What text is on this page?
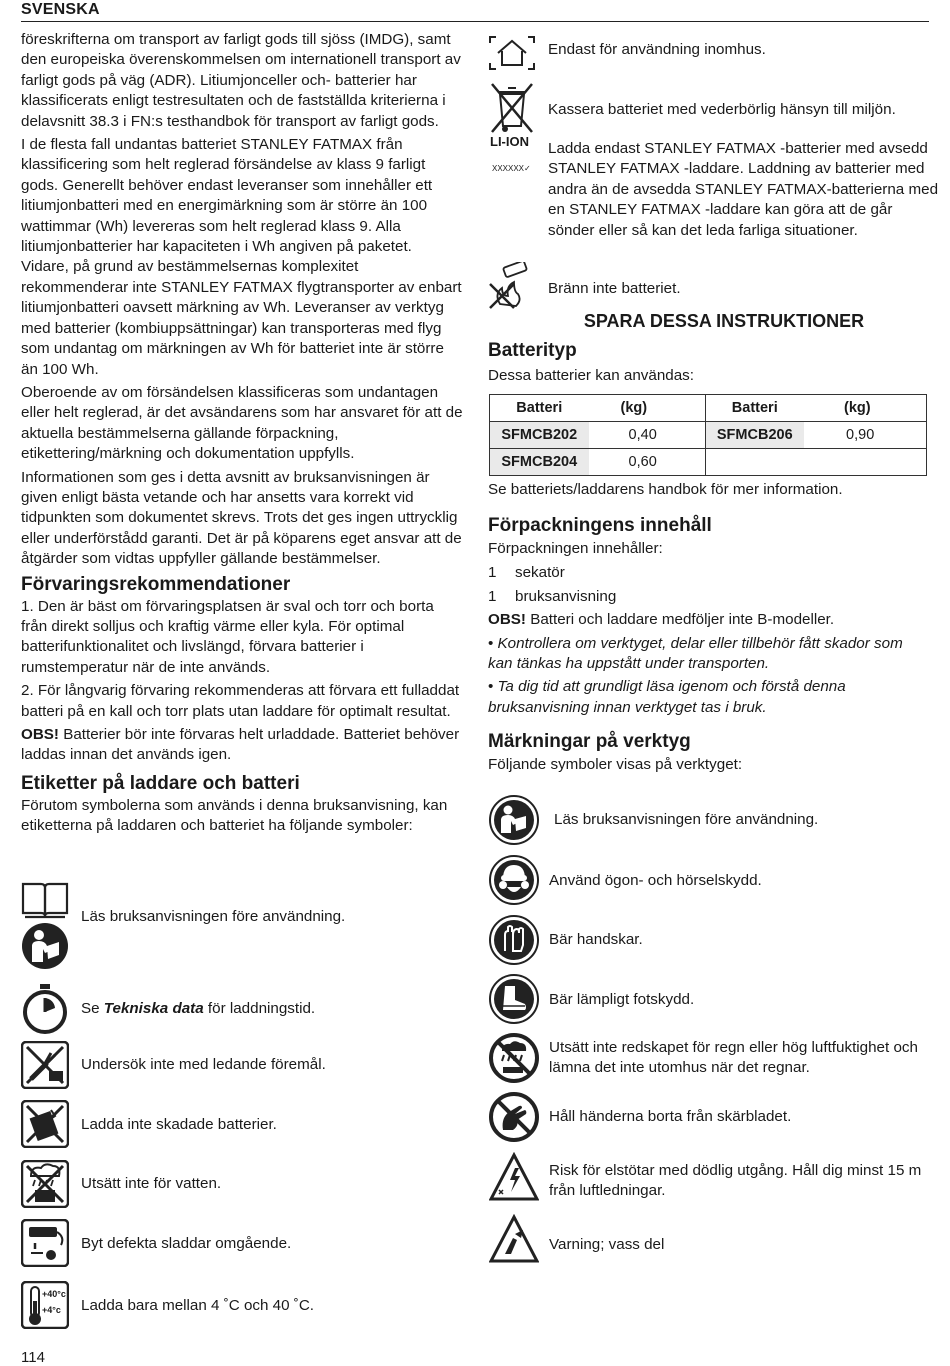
SVENSKA

föreskrifterna om transport av farligt gods till sjöss (IMDG), samt den europeiska överenskommelsen om internationell transport av farligt gods på väg (ADR). Litiumjonceller och- batterier har klassificerats enligt testresultaten och de fastställda kriterierna i delavsnitt 38.3 i FN:s testhandbok för transport av farligt gods.

I de flesta fall undantas batteriet STANLEY FATMAX från klassificering som helt reglerad försändelse av klass 9 farligt gods. Generellt behöver endast leveranser som innehåller ett litiumjonbatteri med en energimärkning som är större än 100 wattimmar (Wh) levereras som helt reglerad klass 9. Alla litiumjonbatterier har kapaciteten i Wh angiven på paketet. Vidare, på grund av bestämmelsernas komplexitet rekommenderar inte STANLEY FATMAX flygtransporter av enbart litiumjonbatteri oavsett märkning av Wh. Leveranser av verktyg med batterier (kombiuppsättningar) kan transporteras med flyg som undantag om märkningen av Wh för batteriet inte är större än 100 Wh.

Oberoende av om försändelsen klassificeras som undantagen eller helt reglerad, är det avsändarens som har ansvaret för att de aktuella bestämmelserna gällande förpackning, etikettering/märkning och dokumentation uppfylls.

Informationen som ges i detta avsnitt av bruksanvisningen är given enligt bästa vetande och har ansetts vara korrekt vid tidpunkten som dokumentet skrevs. Trots det ges ingen uttrycklig eller underförstådd garanti. Det är på köparens eget ansvar att de åtgärder som vidtas uppfyller gällande bestämmelser.

Förvaringsrekommendationer

1. Den är bäst om förvaringsplatsen är sval och torr och borta från direkt solljus och kraftig värme eller kyla. För optimal batterifunktionalitet och livslängd, förvara batterier i rumstemperatur när de inte används.

2. För långvarig förvaring rekommenderas att förvara ett fulladdat batteri på en kall och torr plats utan laddare för optimalt resultat.

OBS! Batterier bör inte förvaras helt urladdade. Batteriet behöver laddas innan det används igen.

Etiketter på laddare och batteri

Förutom symbolerna som används i denna bruksanvisning, kan etiketterna på laddaren och batteriet ha följande symboler:

Läs bruksanvisningen före användning.
Se Tekniska data för laddningstid.
Undersök inte med ledande föremål.
Ladda inte skadade batterier.
Utsätt inte för vatten.
Byt defekta sladdar omgående.
+40°c
+4°c Ladda bara mellan 4 ˚C och 40 ˚C.
114
Endast för användning inomhus.
LI-ION
XXXXXX✓
Kassera batteriet med vederbörlig hänsyn till miljön.
Ladda endast STANLEY FATMAX -batterier med avsedd STANLEY FATMAX -laddare. Laddning av batterier med andra än de avsedda STANLEY FATMAX-batterierna med en STANLEY FATMAX -laddare kan göra att de går sönder eller så kan det leda farliga situationer.
Bränn inte batteriet.
SPARA DESSA INSTRUKTIONER
Batterityp
Dessa batterier kan användas:
Batteri	(kg)	Batteri	(kg)
SFMCB202	0,40	SFMCB206	0,90
SFMCB204	0,60		
Se batteriets/laddarens handbok för mer information.
Förpackningens innehåll

Förpackningen innehåller:

1 sekatör

1 bruksanvisning

OBS! Batteri och laddare medföljer inte B-modeller.

• Kontrollera om verktyget, delar eller tillbehör fått skador som kan tänkas ha uppstått under transporten.

• Ta dig tid att grundligt läsa igenom och förstå denna bruksanvisning innan verktyget tas i bruk.

Märkningar på verktyg

Följande symboler visas på verktyget:

Läs bruksanvisningen före användning.
Använd ögon- och hörselskydd.
Bär handskar.
Bär lämpligt fotskydd.
Utsätt inte redskapet för regn eller hög luftfuktighet och lämna det inte utomhus när det regnar.
Håll händerna borta från skärbladet.
Risk för elstötar med dödlig utgång. Håll dig minst 15 m från luftledningar.
Varning; vass del
